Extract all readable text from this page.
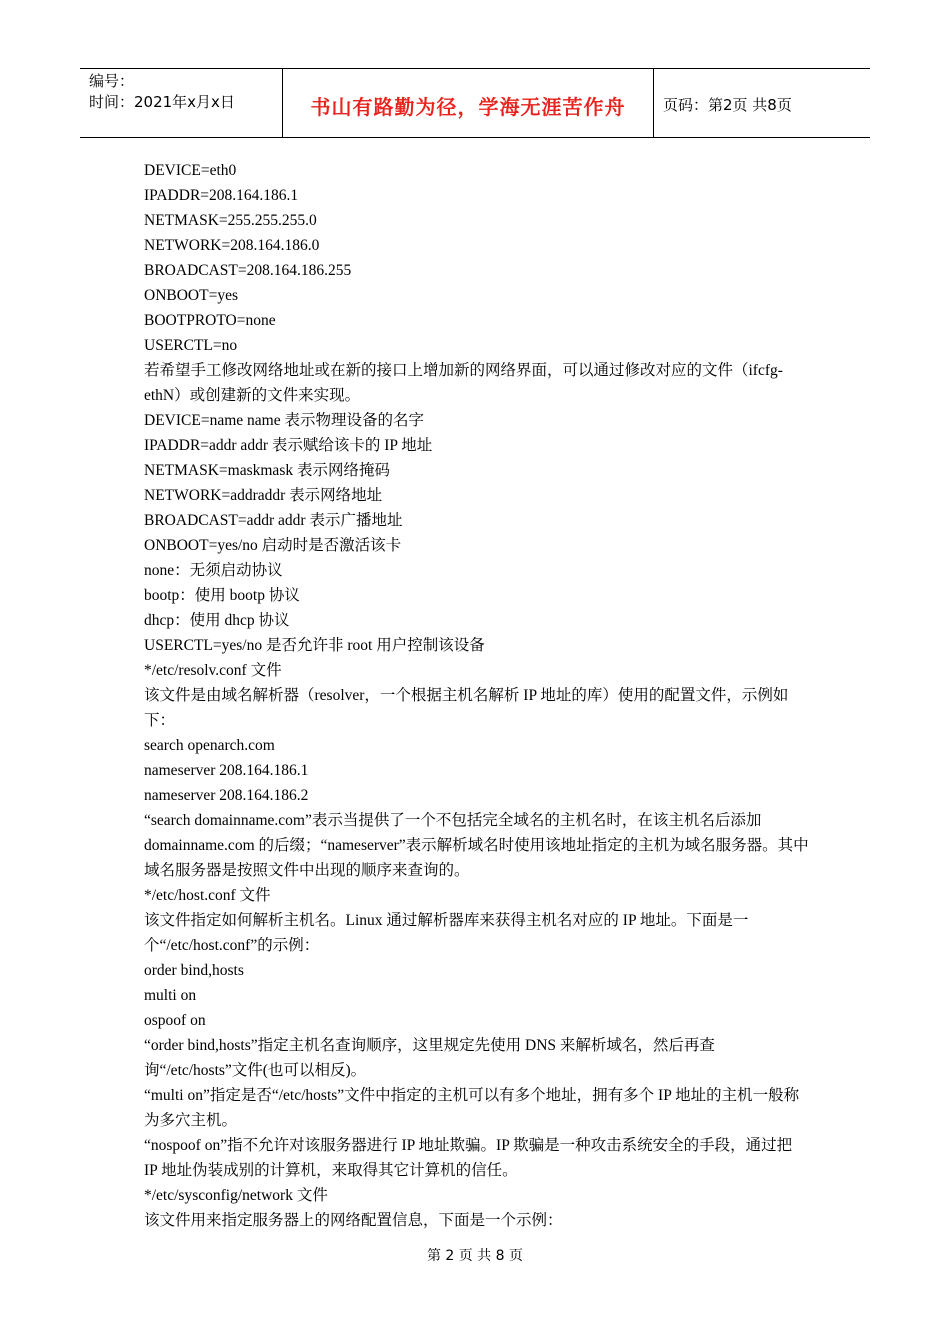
编号：
时间：2021年x月x日	书山有路勤为径，学海无涯苦作舟	页码：第2页 共8页

DEVICE=eth0

IPADDR=208.164.186.1

NETMASK=255.255.255.0

NETWORK=208.164.186.0

BROADCAST=208.164.186.255

ONBOOT=yes

BOOTPROTO=none

USERCTL=no

若希望手工修改网络地址或在新的接口上增加新的网络界面，可以通过修改对应的文件（ifcfg-ethN）或创建新的文件来实现。

DEVICE=name name 表示物理设备的名字

IPADDR=addr addr 表示赋给该卡的 IP 地址

NETMASK=maskmask 表示网络掩码

NETWORK=addraddr 表示网络地址

BROADCAST=addr addr 表示广播地址

ONBOOT=yes/no 启动时是否激活该卡

none：无须启动协议

bootp：使用 bootp 协议

dhcp：使用 dhcp 协议

USERCTL=yes/no 是否允许非 root 用户控制该设备

*/etc/resolv.conf 文件

该文件是由域名解析器（resolver，一个根据主机名解析 IP 地址的库）使用的配置文件，示例如下：

search openarch.com

nameserver 208.164.186.1

nameserver 208.164.186.2

“search domainname.com”表示当提供了一个不包括完全域名的主机名时，在该主机名后添加 domainname.com 的后缀；“nameserver”表示解析域名时使用该地址指定的主机为域名服务器。其中域名服务器是按照文件中出现的顺序来查询的。

*/etc/host.conf 文件

该文件指定如何解析主机名。Linux 通过解析器库来获得主机名对应的 IP 地址。下面是一个“/etc/host.conf”的示例：

order bind,hosts

multi on

ospoof on

“order bind,hosts”指定主机名查询顺序，这里规定先使用 DNS 来解析域名，然后再查询“/etc/hosts”文件(也可以相反)。

“multi on”指定是否“/etc/hosts”文件中指定的主机可以有多个地址，拥有多个 IP 地址的主机一般称为多穴主机。

“nospoof on”指不允许对该服务器进行 IP 地址欺骗。IP 欺骗是一种攻击系统安全的手段，通过把 IP 地址伪装成别的计算机，来取得其它计算机的信任。

*/etc/sysconfig/network 文件

该文件用来指定服务器上的网络配置信息，下面是一个示例：

第 2 页 共 8 页
